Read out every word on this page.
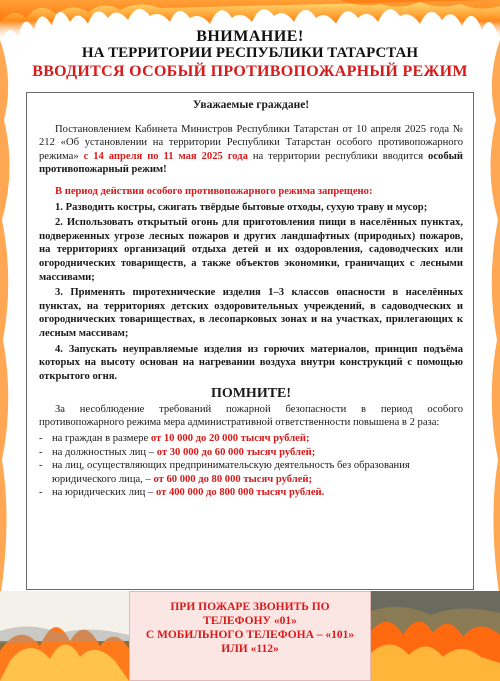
ВНИМАНИЕ!

НА ТЕРРИТОРИИ РЕСПУБЛИКИ ТАТАРСТАН

ВВОДИТСЯ ОСОБЫЙ ПРОТИВОПОЖАРНЫЙ РЕЖИМ

Уважаемые граждане!

Постановлением Кабинета Министров Республики Татарстан от 10 апреля 2025 года № 212 «Об установлении на территории Республики Татарстан особого противопожарного режима» с 14 апреля по 11 мая 2025 года на территории республики вводится особый противопожарный режим!

В период действия особого противопожарного режима запрещено:

1. Разводить костры, сжигать твёрдые бытовые отходы, сухую траву и мусор;

2. Использовать открытый огонь для приготовления пищи в населённых пунктах, подверженных угрозе лесных пожаров и других ландшафтных (природных) пожаров, на территориях организаций отдыха детей и их оздоровления, садоводческих или огороднических товариществ, а также объектов экономики, граничащих с лесными массивами;

3. Применять пиротехнические изделия 1–3 классов опасности в населённых пунктах, на территориях детских оздоровительных учреждений, в садоводческих и огороднических товариществах, в лесопарковых зонах и на участках, прилегающих к лесным массивам;

4. Запускать неуправляемые изделия из горючих материалов, принцип подъёма которых на высоту основан на нагревании воздуха внутри конструкций с помощью открытого огня.

ПОМНИТЕ!

За несоблюдение требований пожарной безопасности в период особого противопожарного режима мера административной ответственности повышена в 2 раза:

- на граждан в размере от 10 000 до 20 000 тысяч рублей;
- на должностных лиц – от 30 000 до 60 000 тысяч рублей;
- на лиц, осуществляющих предпринимательскую деятельность без образования юридического лица, – от 60 000 до 80 000 тысяч рублей;
- на юридических лиц – от 400 000 до 800 000 тысяч рублей.

ПРИ ПОЖАРЕ ЗВОНИТЬ ПО

ТЕЛЕФОНУ «01»

С МОБИЛЬНОГО ТЕЛЕФОНА – «101»

ИЛИ «112»
